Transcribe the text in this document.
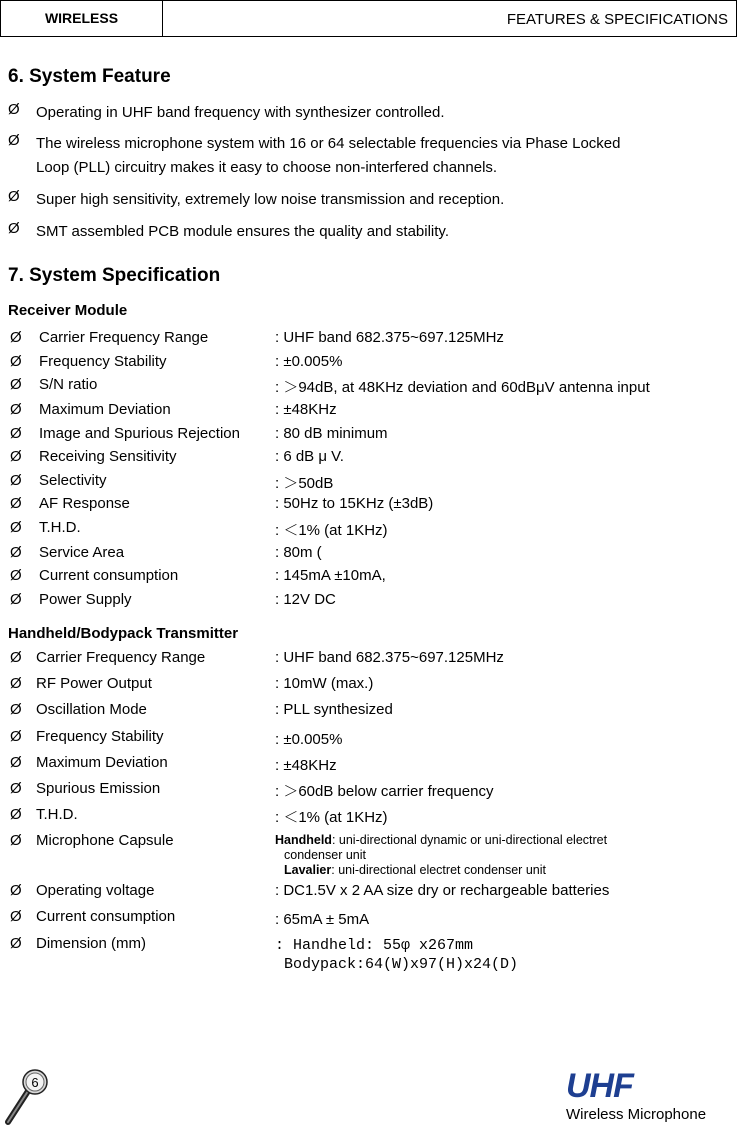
WIRELESS	FEATURES & SPECIFICATIONS
6. System Feature
Ø Operating in UHF band frequency with synthesizer controlled.
Ø The wireless microphone system with 16 or 64 selectable frequencies via Phase Locked
Loop (PLL) circuitry makes it easy to choose non-interfered channels.
Ø Super high sensitivity, extremely low noise transmission and reception.
Ø SMT assembled PCB module ensures the quality and stability.
7. System Specification
Receiver Module
Ø Carrier Frequency Range	: UHF band 682.375~697.125MHz
Ø Frequency Stability	: ±0.005%
Ø S/N ratio	: ＞94dB, at 48KHz deviation and 60dBμV antenna input
Ø Maximum Deviation	: ±48KHz
Ø Image and Spurious Rejection : 80 dB minimum
Ø Receiving Sensitivity	: 6 dB μ V.
Ø Selectivity	: ＞50dB
Ø AF Response	: 50Hz to 15KHz (±3dB)
Ø T.H.D.	: ＜1% (at 1KHz)
Ø Service Area	: 80m (
Ø Current consumption	: 145mA ±10mA,
Ø Power Supply	: 12V DC
Handheld/Bodypack Transmitter
Ø Carrier Frequency Range	: UHF band 682.375~697.125MHz
Ø RF Power Output	: 10mW (max.)
Ø Oscillation Mode	: PLL synthesized
Ø Frequency Stability	: ±0.005%
Ø Maximum Deviation	: ±48KHz
Ø Spurious Emission	: ＞60dB below carrier frequency
Ø T.H.D.	: ＜1% (at 1KHz)
Ø Microphone Capsule	Handheld: uni-directional dynamic or uni-directional electret
condenser unit
Lavalier: uni-directional electret condenser unit
Ø Operating voltage	: DC1.5V x 2 AA size dry or rechargeable batteries
Ø Current consumption	: 65mA ± 5mA
Ø Dimension (mm)	: Handheld: 55φ x267mm
Bodypack:64(W)x97(H)x24(D)
6	UHF
Wireless Microphone
